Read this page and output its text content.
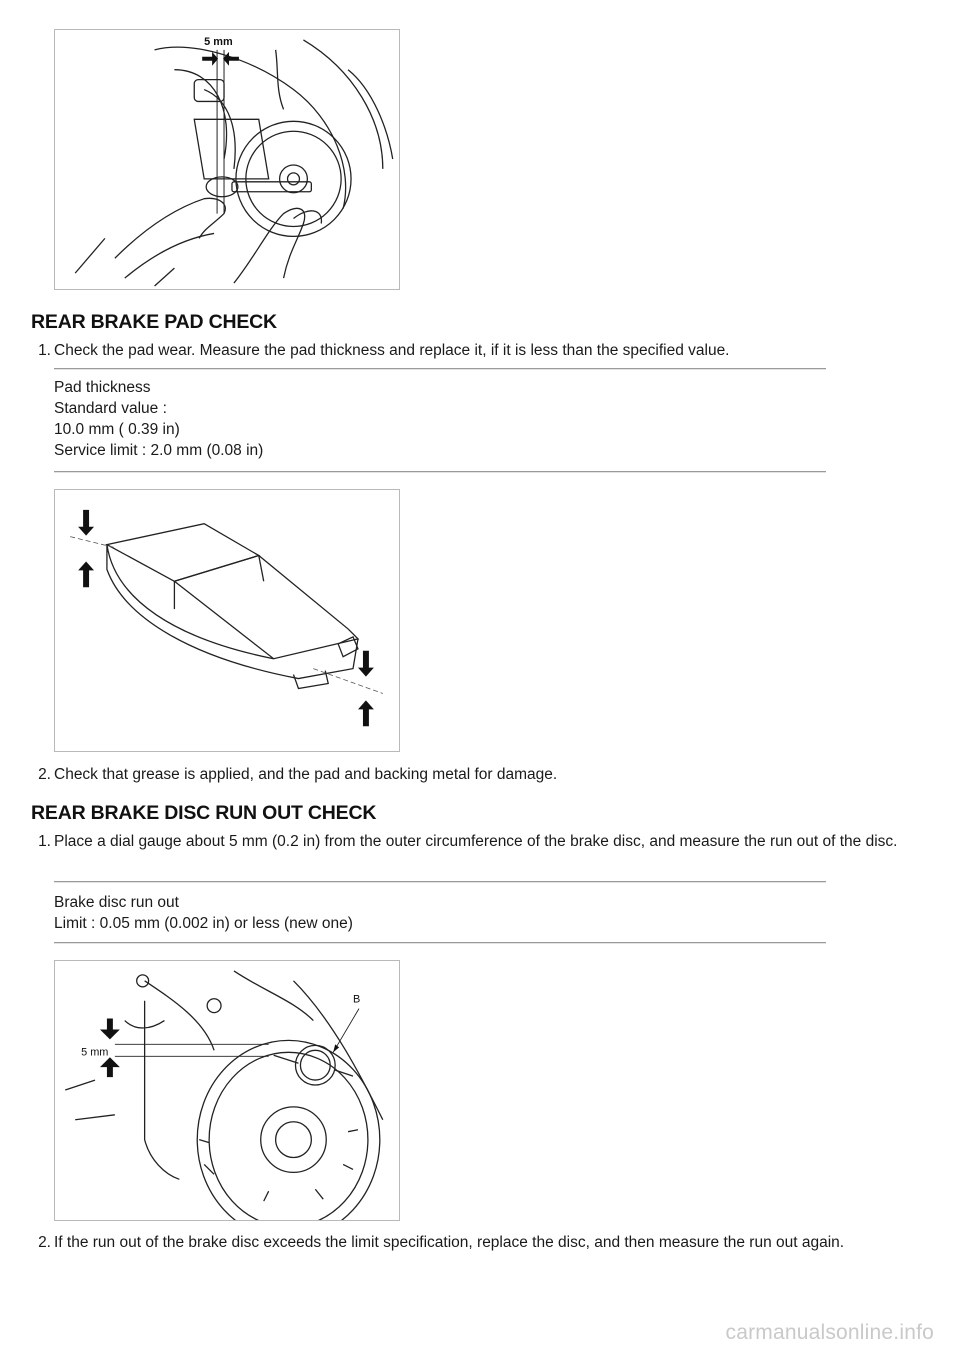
5 mm
REAR BRAKE PAD CHECK
1. Check the pad wear. Measure the pad thickness and replace it, if it is less than the specified value.
Pad thickness
Standard value :
10.0 mm ( 0.39 in)
Service limit : 2.0 mm (0.08 in)
2. Check that grease is applied, and the pad and backing metal for damage.
REAR BRAKE DISC RUN OUT CHECK
1. Place a dial gauge about 5 mm (0.2 in) from the outer circumference of the brake disc, and measure the run out of the disc.
Brake disc run out
Limit : 0.05 mm (0.002 in) or less (new one)
5 mm
B
2. If the run out of the brake disc exceeds the limit specification, replace the disc, and then measure the run out again.
carmanualsonline.info
